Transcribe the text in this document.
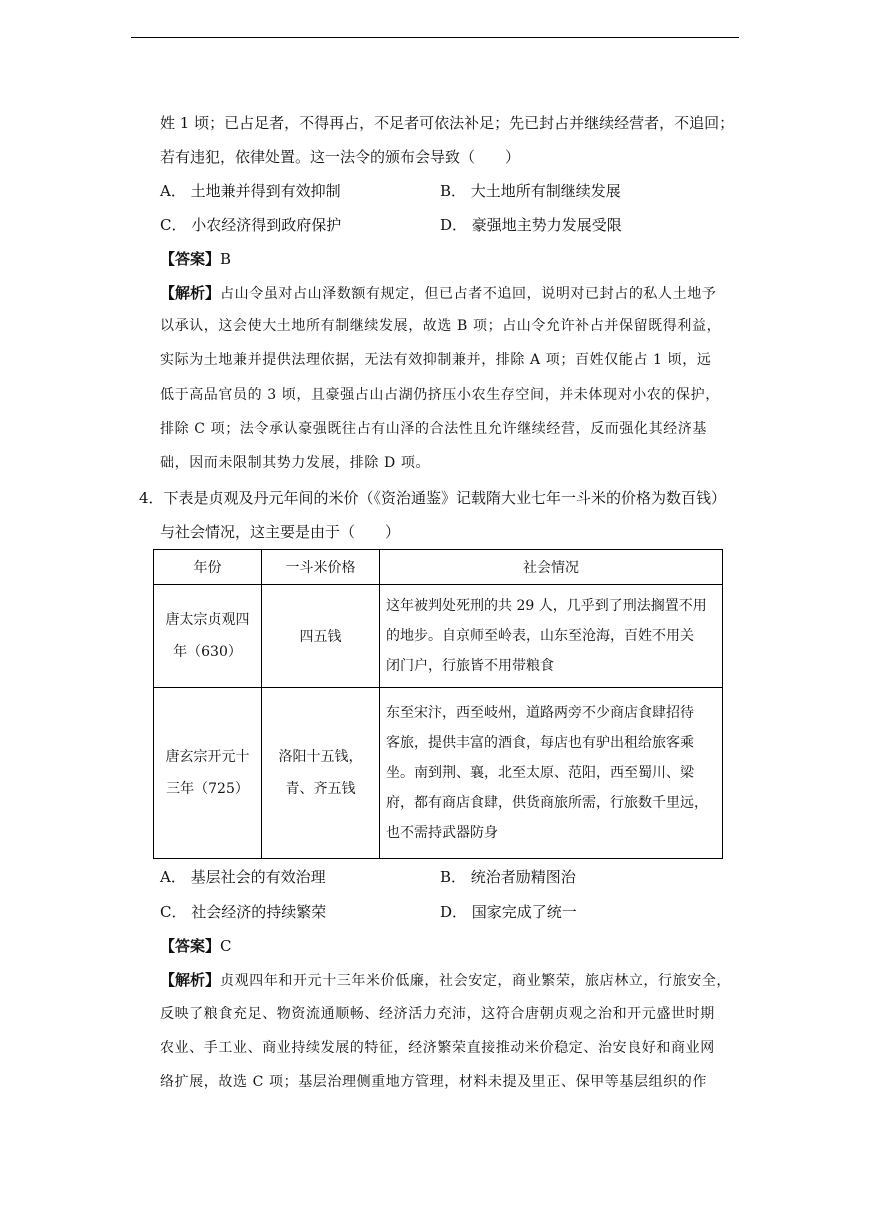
姓 1 顷；已占足者，不得再占，不足者可依法补足；先已封占并继续经营者，不追回；
若有违犯，依律处置。这一法令的颁布会导致（　　）
A． 土地兼并得到有效抑制	B． 大土地所有制继续发展
C． 小农经济得到政府保护	D． 豪强地主势力发展受限
【答案】B
【解析】占山令虽对占山泽数额有规定，但已占者不追回，说明对已封占的私人土地予
以承认，这会使大土地所有制继续发展，故选 B 项；占山令允许补占并保留既得利益，
实际为土地兼并提供法理依据，无法有效抑制兼并，排除 A 项；百姓仅能占 1 顷，远
低于高品官员的 3 顷，且豪强占山占湖仍挤压小农生存空间，并未体现对小农的保护，
排除 C 项；法令承认豪强既往占有山泽的合法性且允许继续经营，反而强化其经济基
础，因而未限制其势力发展，排除 D 项。
4．下表是贞观及丹元年间的米价（《资治通鉴》记载隋大业七年一斗米的价格为数百钱）
与社会情况，这主要是由于（　　）
年份	一斗米价格	社会情况

唐太宗贞观四年（630）	四五钱	这年被判处死刑的共 29 人，几乎到了刑法搁置不用
的地步。自京师至岭表，山东至沧海，百姓不用关
闭门户，行旅皆不用带粮食

唐玄宗开元十三年（725）	洛阳十五钱，青、齐五钱	东至宋汴，西至岐州，道路两旁不少商店食肆招待
客旅，提供丰富的酒食，每店也有驴出租给旅客乘
坐。南到荆、襄，北至太原、范阳，西至蜀川、梁
府，都有商店食肆，供货商旅所需，行旅数千里远，
也不需持武器防身
A． 基层社会的有效治理	B． 统治者励精图治
C． 社会经济的持续繁荣	D． 国家完成了统一
【答案】C
【解析】贞观四年和开元十三年米价低廉，社会安定，商业繁荣，旅店林立，行旅安全，
反映了粮食充足、物资流通顺畅、经济活力充沛，这符合唐朝贞观之治和开元盛世时期
农业、手工业、商业持续发展的特征，经济繁荣直接推动米价稳定、治安良好和商业网
络扩展，故选 C 项；基层治理侧重地方管理，材料未提及里正、保甲等基层组织的作
